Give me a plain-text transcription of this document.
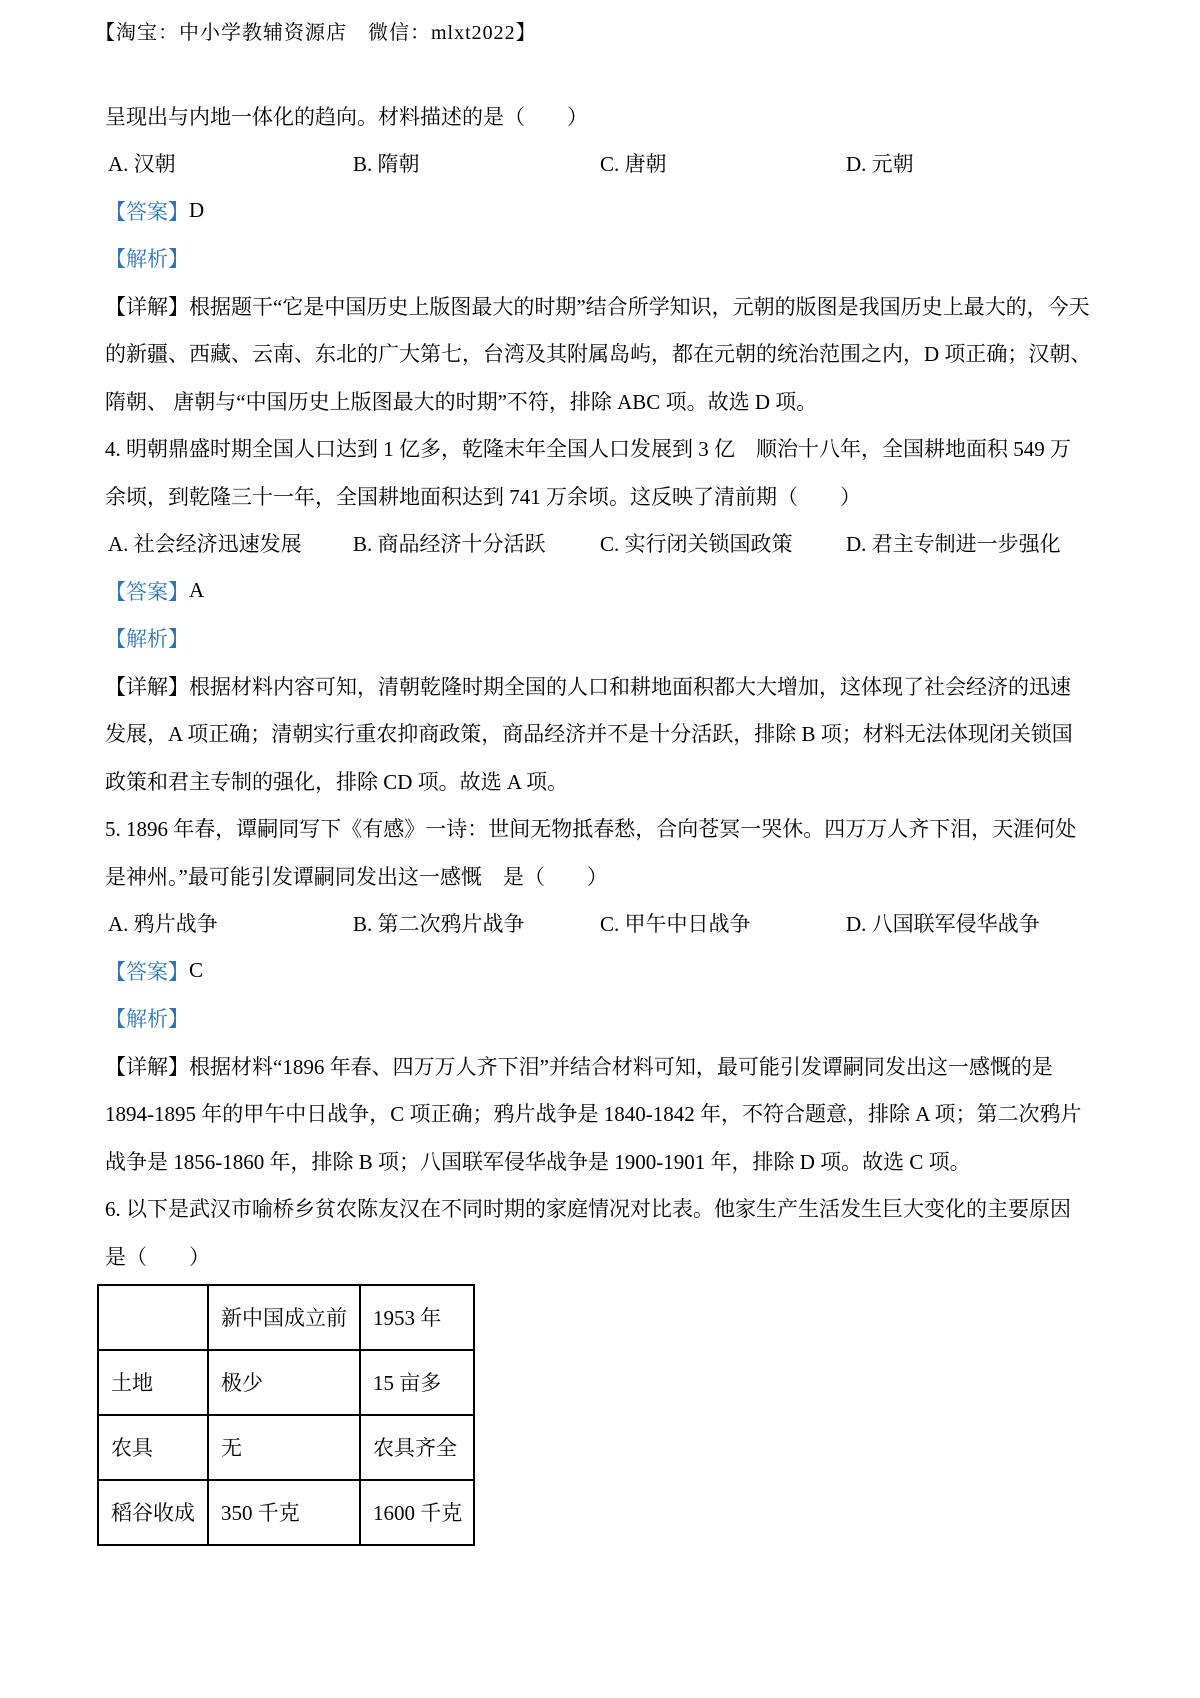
【淘宝：中小学教辅资源店　微信：mlxt2022】
呈现出与内地一体化的趋向。材料描述的是（　　）
A. 汉朝	B. 隋朝	C. 唐朝	D. 元朝
【答案】 D
【解析】
【详解】根据题干“它是中国历史上版图最大的时期”结合所学知识，元朝的版图是我国历史上最大的，今天
的新疆、西藏、云南、东北的广大第七，台湾及其附属岛屿，都在元朝的统治范围之内，D 项正确；汉朝、
隋朝、 唐朝与“中国历史上版图最大的时期”不符，排除 ABC 项。故选 D 项。
4. 明朝鼎盛时期全国人口达到 1 亿多，乾隆末年全国人口发展到 3 亿　顺治十八年，全国耕地面积 549 万
余顷，到乾隆三十一年，全国耕地面积达到 741 万余顷。这反映了清前期（　　）
A. 社会经济迅速发展 B. 商品经济十分活跃	C. 实行闭关锁国政策	D. 君主专制进一步强化
【答案】 A
【解析】
【详解】根据材料内容可知，清朝乾隆时期全国的人口和耕地面积都大大增加，这体现了社会经济的迅速
发展，A 项正确；清朝实行重农抑商政策，商品经济并不是十分活跃，排除 B 项；材料无法体现闭关锁国
政策和君主专制的强化，排除 CD 项。故选 A 项。
5. 1896 年春，谭嗣同写下《有感》一诗：世间无物抵春愁，合向苍冥一哭休。四万万人齐下泪，天涯何处
是神州。”最可能引发谭嗣同发出这一感慨　是（　　）
A. 鸦片战争	B. 第二次鸦片战争	C. 甲午中日战争	D. 八国联军侵华战争
【答案】 C
【解析】
【详解】根据材料“1896 年春、四万万人齐下泪”并结合材料可知，最可能引发谭嗣同发出这一感慨的是
1894-1895 年的甲午中日战争，C 项正确；鸦片战争是 1840-1842 年，不符合题意，排除 A 项；第二次鸦片
战争是 1856-1860 年，排除 B 项；八国联军侵华战争是 1900-1901 年，排除 D 项。故选 C 项。
6. 以下是武汉市喻桥乡贫农陈友汉在不同时期的家庭情况对比表。他家生产生活发生巨大变化的主要原因
是（　　）
	新中国成立前	1953 年
土地	极少	15 亩多
农具	无	农具齐全
稻谷收成	350 千克	1600 千克
